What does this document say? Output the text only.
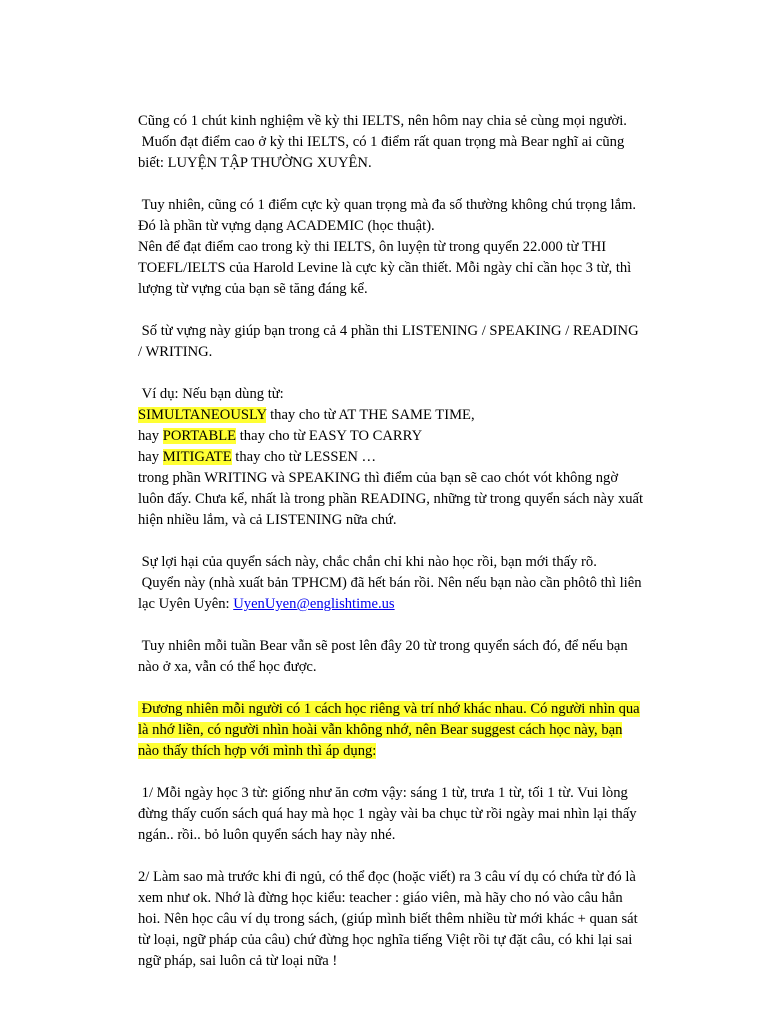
Cũng có 1 chút kinh nghiệm về kỳ thi IELTS, nên hôm nay chia sẻ cùng mọi người.

Muốn đạt điểm cao ở kỳ thi IELTS, có 1 điểm rất quan trọng mà Bear nghĩ ai cũng

biết: LUYỆN TẬP THƯỜNG XUYÊN.

Tuy nhiên, cũng có 1 điểm cực kỳ quan trọng mà đa số thường không chú trọng lắm.

Đó là phần từ vựng dạng ACADEMIC (học thuật).

Nên để đạt điểm cao trong kỳ thi IELTS, ôn luyện từ trong quyển 22.000 từ THI

TOEFL/IELTS của Harold Levine là cực kỳ cần thiết. Mỗi ngày chỉ cần học 3 từ, thì

lượng từ vựng của bạn sẽ tăng đáng kể.

Số từ vựng này giúp bạn trong cả 4 phần thi LISTENING / SPEAKING / READING

/ WRITING.

Ví dụ: Nếu bạn dùng từ:

SIMULTANEOUSLY thay cho từ AT THE SAME TIME,

hay PORTABLE thay cho từ EASY TO CARRY

hay MITIGATE thay cho từ LESSEN …

trong phần WRITING và SPEAKING thì điểm của bạn sẽ cao chót vót không ngờ

luôn đấy. Chưa kể, nhất là trong phần READING, những từ trong quyển sách này xuất

hiện nhiều lắm, và cả LISTENING nữa chứ.

Sự lợi hại của quyển sách này, chắc chắn chỉ khi nào học rồi, bạn mới thấy rõ.

Quyển này (nhà xuất bản TPHCM) đã hết bán rồi. Nên nếu bạn nào cần phôtô thì liên

lạc Uyên Uyên: UyenUyen@englishtime.us

Tuy nhiên mỗi tuần Bear vẫn sẽ post lên đây 20 từ trong quyển sách đó, để nếu bạn

nào ở xa, vẫn có thể học được.

Đương nhiên mỗi người có 1 cách học riêng và trí nhớ khác nhau. Có người nhìn qua

là nhớ liền, có người nhìn hoài vẫn không nhớ, nên Bear suggest cách học này, bạn

nào thấy thích hợp với mình thì áp dụng:

1/ Mỗi ngày học 3 từ: giống như ăn cơm vậy: sáng 1 từ, trưa 1 từ, tối 1 từ. Vui lòng

đừng thấy cuốn sách quá hay mà học 1 ngày vài ba chục từ rồi ngày mai nhìn lại thấy

ngán.. rồi.. bỏ luôn quyển sách hay này nhé.

2/ Làm sao mà trước khi đi ngủ, có thể đọc (hoặc viết) ra 3 câu ví dụ có chứa từ đó là

xem như ok. Nhớ là đừng học kiểu: teacher : giáo viên, mà hãy cho nó vào câu hẳn

hoi. Nên học câu ví dụ trong sách, (giúp mình biết thêm nhiều từ mới khác + quan sát

từ loại, ngữ pháp của câu) chứ đừng học nghĩa tiếng Việt rồi tự đặt câu, có khi lại sai

ngữ pháp, sai luôn cả từ loại nữa !
